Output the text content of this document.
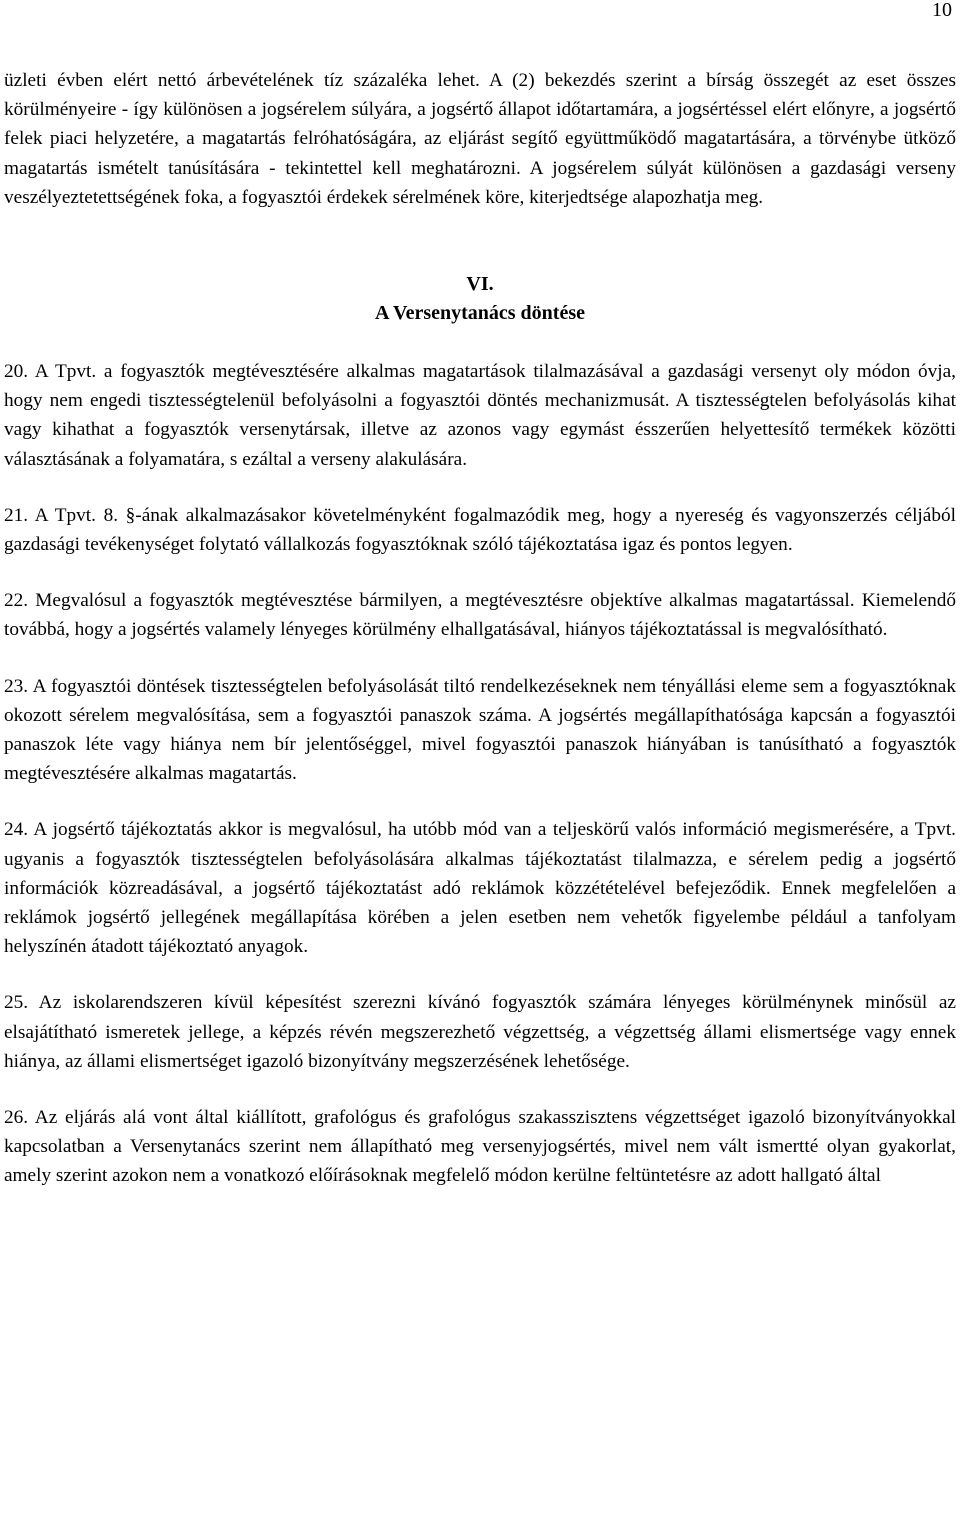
10

üzleti évben elért nettó árbevételének tíz százaléka lehet. A (2) bekezdés szerint a bírság összegét az eset összes körülményeire - így különösen a jogsérelem súlyára, a jogsértő állapot időtartamára, a jogsértéssel elért előnyre, a jogsértő felek piaci helyzetére, a magatartás felróhatóságára, az eljárást segítő együttműködő magatartására, a törvénybe ütköző magatartás ismételt tanúsítására - tekintettel kell meghatározni. A jogsérelem súlyát különösen a gazdasági verseny veszélyeztetettségének foka, a fogyasztói érdekek sérelmének köre, kiterjedtsége alapozhatja meg.

VI.
A Versenytanács döntése

20. A Tpvt. a fogyasztók megtévesztésére alkalmas magatartások tilalmazásával a gazdasági versenyt oly módon óvja, hogy nem engedi tisztességtelenül befolyásolni a fogyasztói döntés mechanizmusát. A tisztességtelen befolyásolás kihat vagy kihathat a fogyasztók versenytársak, illetve az azonos vagy egymást ésszerűen helyettesítő termékek közötti választásának a folyamatára, s ezáltal a verseny alakulására.

21. A Tpvt. 8. §-ának alkalmazásakor követelményként fogalmazódik meg, hogy a nyereség és vagyonszerzés céljából gazdasági tevékenységet folytató vállalkozás fogyasztóknak szóló tájékoztatása igaz és pontos legyen.

22. Megvalósul a fogyasztók megtévesztése bármilyen, a megtévesztésre objektíve alkalmas magatartással. Kiemelendő továbbá, hogy a jogsértés valamely lényeges körülmény elhallgatásával, hiányos tájékoztatással is megvalósítható.

23. A fogyasztói döntések tisztességtelen befolyásolását tiltó rendelkezéseknek nem tényállási eleme sem a fogyasztóknak okozott sérelem megvalósítása, sem a fogyasztói panaszok száma. A jogsértés megállapíthatósága kapcsán a fogyasztói panaszok léte vagy hiánya nem bír jelentőséggel, mivel fogyasztói panaszok hiányában is tanúsítható a fogyasztók megtévesztésére alkalmas magatartás.

24. A jogsértő tájékoztatás akkor is megvalósul, ha utóbb mód van a teljeskörű valós információ megismerésére, a Tpvt. ugyanis a fogyasztók tisztességtelen befolyásolására alkalmas tájékoztatást tilalmazza, e sérelem pedig a jogsértő információk közreadásával, a jogsértő tájékoztatást adó reklámok közzétételével befejeződik. Ennek megfelelően a reklámok jogsértő jellegének megállapítása körében a jelen esetben nem vehetők figyelembe például a tanfolyam helyszínén átadott tájékoztató anyagok.

25. Az iskolarendszeren kívül képesítést szerezni kívánó fogyasztók számára lényeges körülménynek minősül az elsajátítható ismeretek jellege, a képzés révén megszerezhető végzettség, a végzettség állami elismertsége vagy ennek hiánya, az állami elismertséget igazoló bizonyítvány megszerzésének lehetősége.

26. Az eljárás alá vont által kiállított, grafológus és grafológus szakasszisztens végzettséget igazoló bizonyítványokkal kapcsolatban a Versenytanács szerint nem állapítható meg versenyjogsértés, mivel nem vált ismertté olyan gyakorlat, amely szerint azokon nem a vonatkozó előírásoknak megfelelő módon kerülne feltüntetésre az adott hallgató által
